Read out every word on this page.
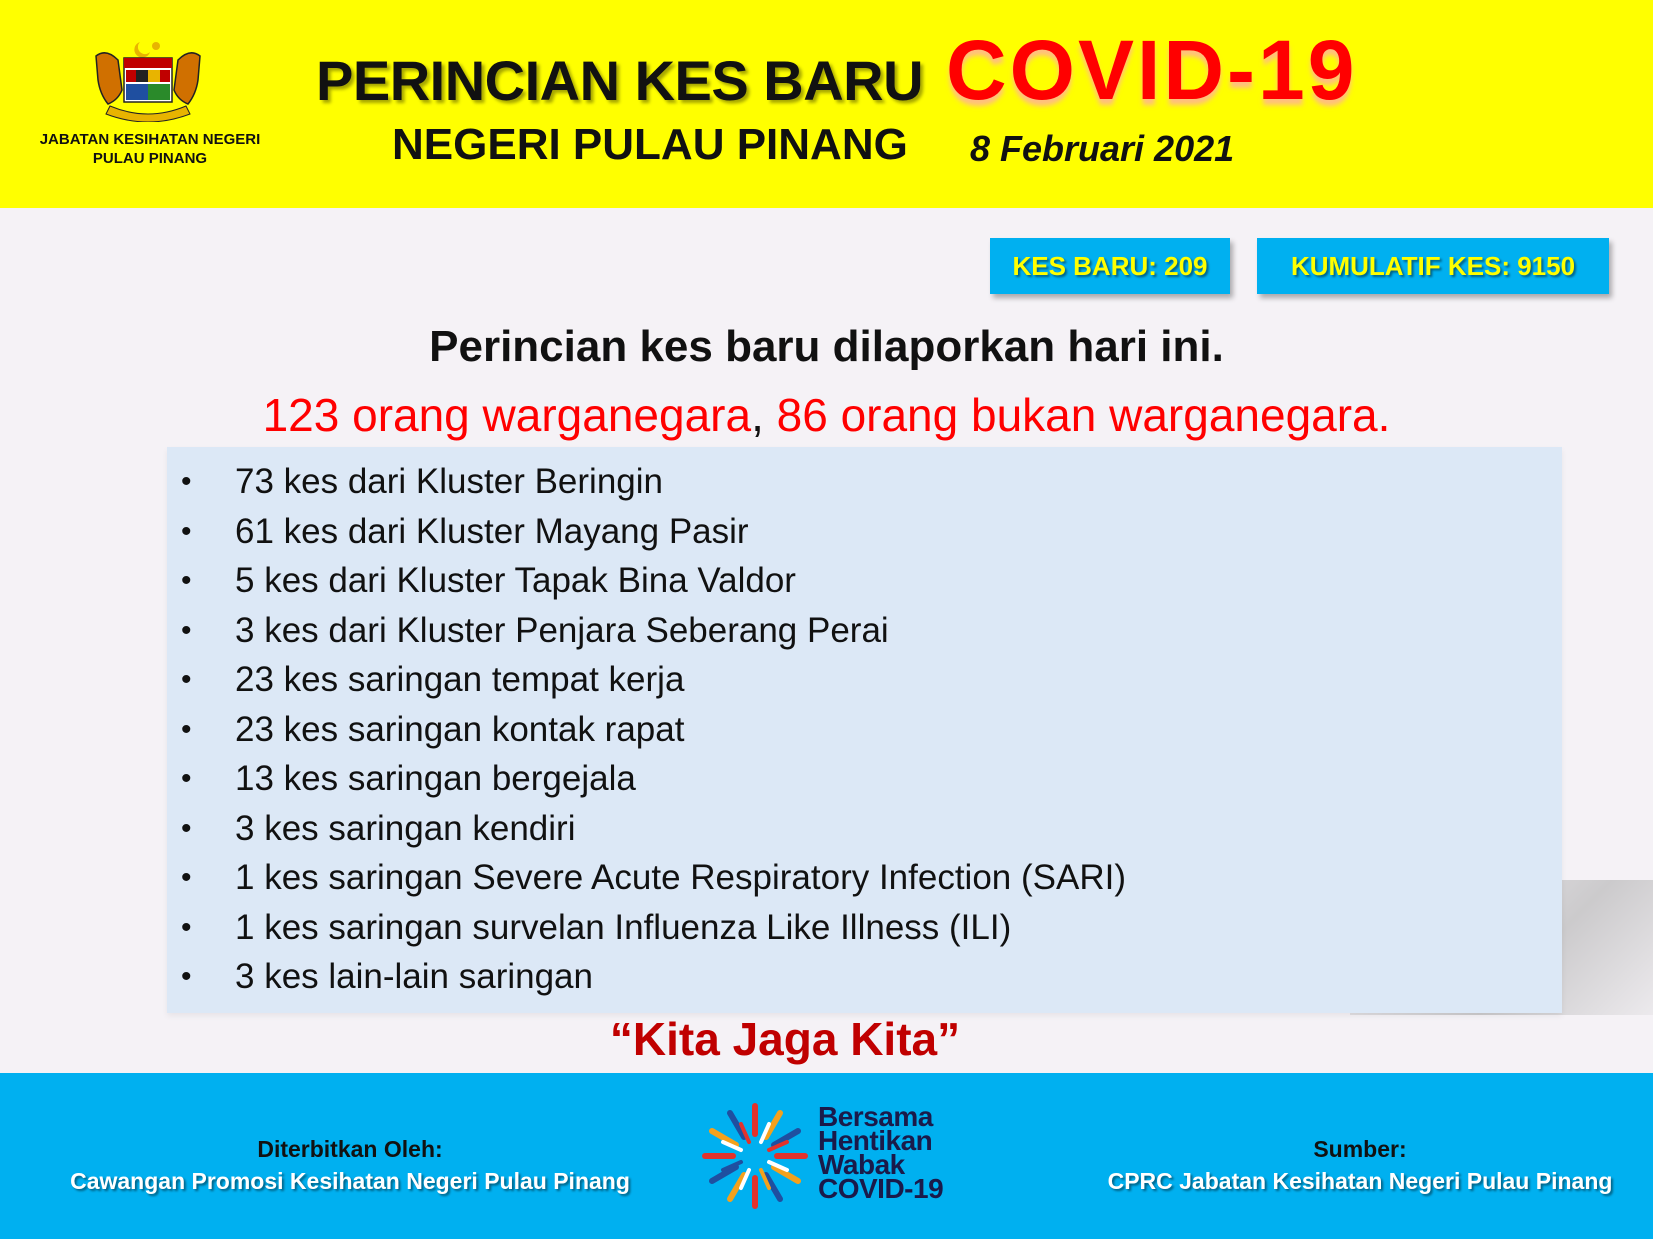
JABATAN KESIHATAN NEGERI PULAU PINANG
PERINCIAN KES BARU COVID-19
NEGERI PULAU PINANG 8 Februari 2021
KES BARU: 209	KUMULATIF KES: 9150
Perincian kes baru dilaporkan hari ini.
123 orang warganegara, 86 orang bukan warganegara.
• 73 kes dari Kluster Beringin
• 61 kes dari Kluster Mayang Pasir
• 5 kes dari Kluster Tapak Bina Valdor
• 3 kes dari Kluster Penjara Seberang Perai
• 23 kes saringan tempat kerja
• 23 kes saringan kontak rapat
• 13 kes saringan bergejala
• 3 kes saringan kendiri
• 1 kes saringan Severe Acute Respiratory Infection (SARI)
• 1 kes saringan survelan Influenza Like Illness (ILI)
• 3 kes lain-lain saringan
“Kita Jaga Kita”
Diterbitkan Oleh:
Cawangan Promosi Kesihatan Negeri Pulau Pinang
Bersama
Hentikan
Wabak
COVID-19
Sumber:
CPRC Jabatan Kesihatan Negeri Pulau Pinang
